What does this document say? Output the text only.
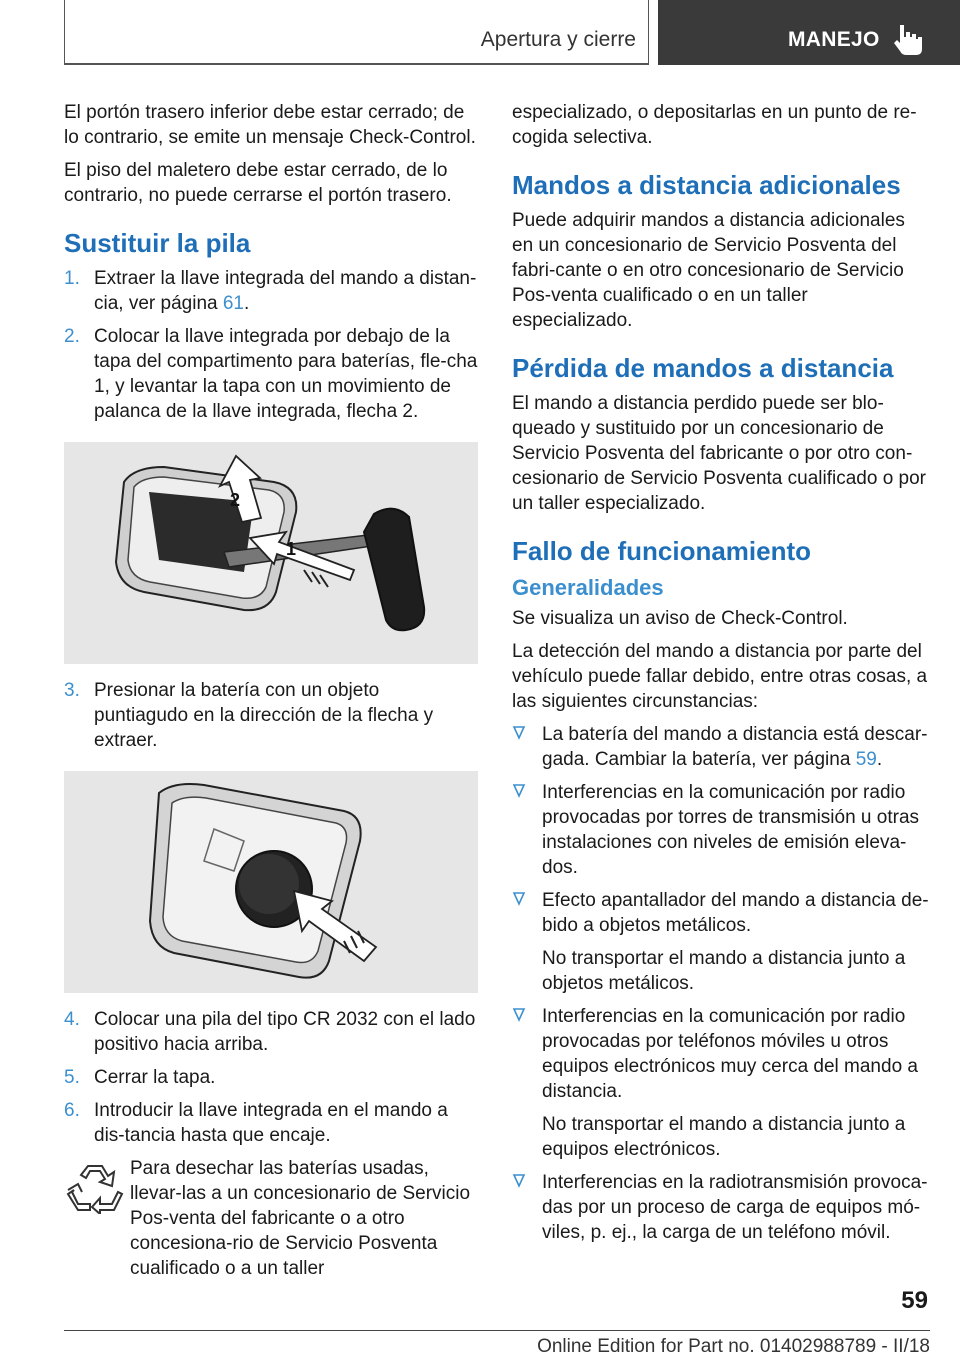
Apertura y cierre	MANEJO
El portón trasero inferior debe estar cerrado; de lo contrario, se emite un mensaje Check-Control.
El piso del maletero debe estar cerrado, de lo contrario, no puede cerrarse el portón trasero.
Sustituir la pila
1. Extraer la llave integrada del mando a distan-cia, ver página 61.
2. Colocar la llave integrada por debajo de la tapa del compartimento para baterías, fle-cha 1, y levantar la tapa con un movimiento de palanca de la llave integrada, flecha 2.
2
1
3. Presionar la batería con un objeto puntiagudo en la dirección de la flecha y extraer.
4. Colocar una pila del tipo CR 2032 con el lado positivo hacia arriba.
5. Cerrar la tapa.
6. Introducir la llave integrada en el mando a dis-tancia hasta que encaje.
Para desechar las baterías usadas, llevar-las a un concesionario de Servicio Pos-venta del fabricante o a otro concesiona-rio de Servicio Posventa cualificado o a un taller
especializado, o depositarlas en un punto de re-cogida selectiva.
Mandos a distancia adicionales
Puede adquirir mandos a distancia adicionales en un concesionario de Servicio Posventa del fabri-cante o en otro concesionario de Servicio Pos-venta cualificado o en un taller especializado.
Pérdida de mandos a distancia
El mando a distancia perdido puede ser blo-queado y sustituido por un concesionario de Servicio Posventa del fabricante o por otro con-cesionario de Servicio Posventa cualificado o por un taller especializado.
Fallo de funcionamiento
Generalidades
Se visualiza un aviso de Check-Control.
La detección del mando a distancia por parte del vehículo puede fallar debido, entre otras cosas, a las siguientes circunstancias:
La batería del mando a distancia está descar-gada. Cambiar la batería, ver página 59.
Interferencias en la comunicación por radio provocadas por torres de transmisión u otras instalaciones con niveles de emisión eleva-dos.
Efecto apantallador del mando a distancia de-bido a objetos metálicos.
No transportar el mando a distancia junto a objetos metálicos.
Interferencias en la comunicación por radio provocadas por teléfonos móviles u otros equipos electrónicos muy cerca del mando a distancia.
No transportar el mando a distancia junto a equipos electrónicos.
Interferencias en la radiotransmisión provoca-das por un proceso de carga de equipos mó-viles, p. ej., la carga de un teléfono móvil.
59
Online Edition for Part no. 01402988789 - II/18
